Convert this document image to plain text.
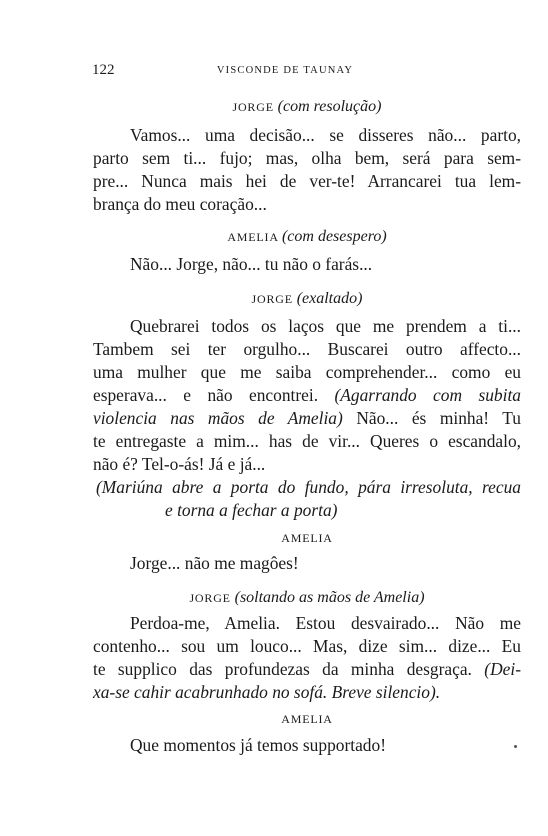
122	VISCONDE DE TAUNAY
JORGE (com resolução)
Vamos... uma decisão... se disseres não... parto,
parto sem ti... fujo; mas, olha bem, será para sem-
pre... Nunca mais hei de ver-te! Arrancarei tua lem-
brança do meu coração...
AMELIA (com desespero)
Não... Jorge, não... tu não o farás...
JORGE (exaltado)
Quebrarei todos os laços que me prendem a ti...
Tambem sei ter orgulho... Buscarei outro affecto...
uma mulher que me saiba comprehender... como eu
esperava... e não encontrei. (Agarrando com subita
violencia nas mãos de Amelia) Não... és minha! Tu
te entregaste a mim... has de vir... Queres o escandalo,
não é? Tel-o-ás! Já e já...
(Mariúna abre a porta do fundo, pára irresoluta, recua
e torna a fechar a porta)
AMELIA
Jorge... não me magôes!
JORGE (soltando as mãos de Amelia)
Perdoa-me, Amelia. Estou desvairado... Não me
contenho... sou um louco... Mas, dize sim... dize... Eu
te supplico das profundezas da minha desgraça. (Dei-
xa-se cahir acabrunhado no sofá. Breve silencio).
AMELIA
Que momentos já temos supportado!
